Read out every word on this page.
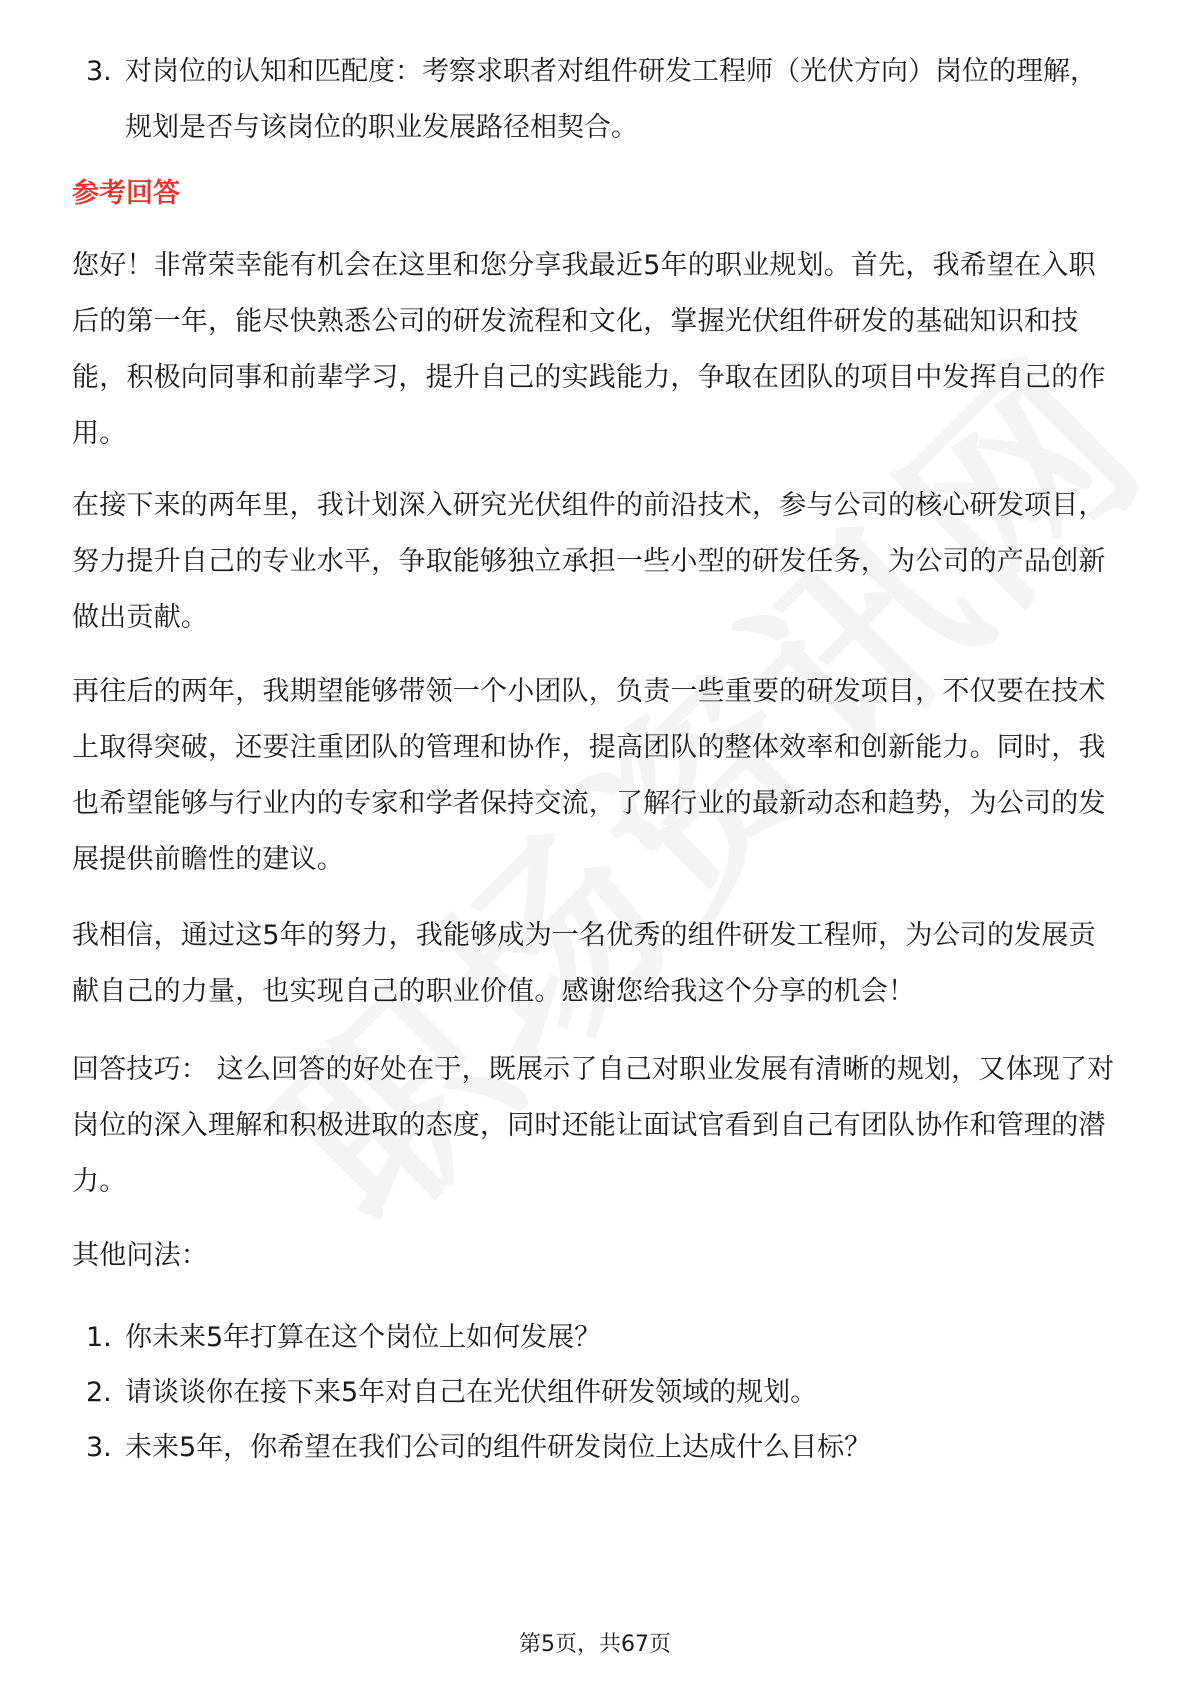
3. 对岗位的认知和匹配度：考察求职者对组件研发工程师（光伏方向）岗位的理解，规划是否与该岗位的职业发展路径相契合。
参考回答
您好！非常荣幸能有机会在这里和您分享我最近5年的职业规划。首先，我希望在入职后的第一年，能尽快熟悉公司的研发流程和文化，掌握光伏组件研发的基础知识和技能，积极向同事和前辈学习，提升自己的实践能力，争取在团队的项目中发挥自己的作用。
在接下来的两年里，我计划深入研究光伏组件的前沿技术，参与公司的核心研发项目，努力提升自己的专业水平，争取能够独立承担一些小型的研发任务，为公司的产品创新做出贡献。
再往后的两年，我期望能够带领一个小团队，负责一些重要的研发项目，不仅要在技术上取得突破，还要注重团队的管理和协作，提高团队的整体效率和创新能力。同时，我也希望能够与行业内的专家和学者保持交流，了解行业的最新动态和趋势，为公司的发展提供前瞻性的建议。
我相信，通过这5年的努力，我能够成为一名优秀的组件研发工程师，为公司的发展贡献自己的力量，也实现自己的职业价值。感谢您给我这个分享的机会！
回答技巧： 这么回答的好处在于，既展示了自己对职业发展有清晰的规划，又体现了对岗位的深入理解和积极进取的态度，同时还能让面试官看到自己有团队协作和管理的潜力。
其他问法：
1. 你未来5年打算在这个岗位上如何发展？
2. 请谈谈你在接下来5年对自己在光伏组件研发领域的规划。
3. 未来5年，你希望在我们公司的组件研发岗位上达成什么目标？
第5页，共67页
